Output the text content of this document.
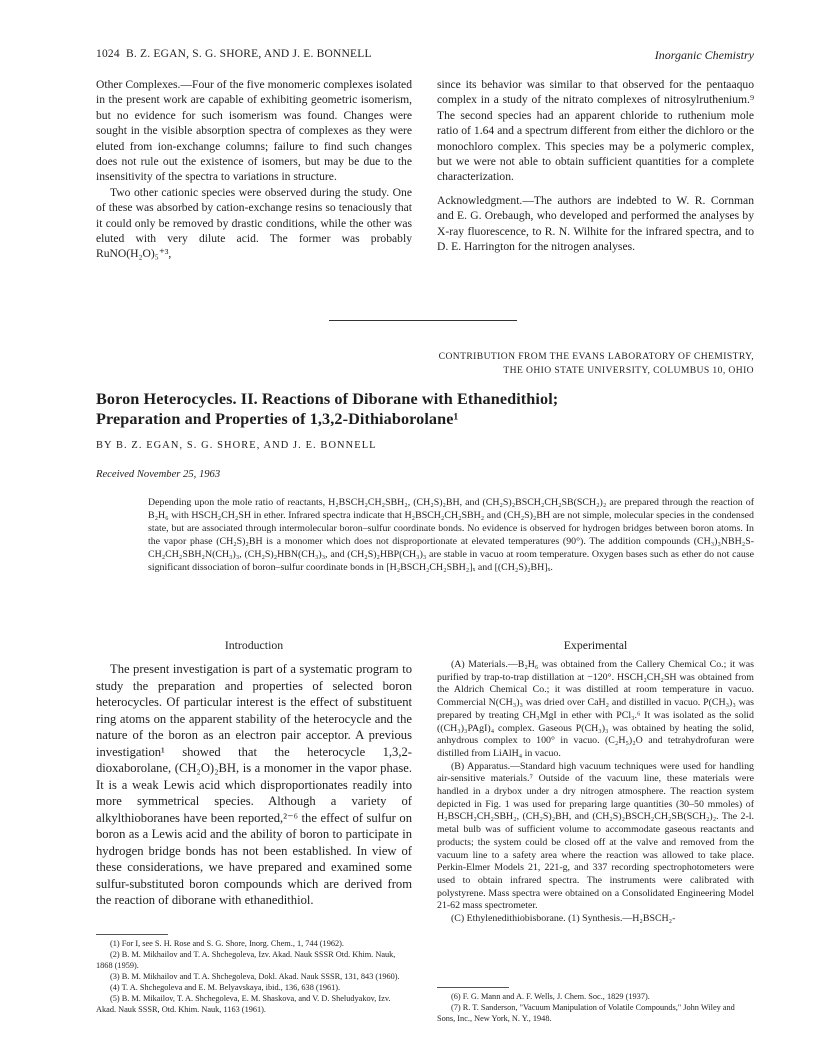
1024 B. Z. EGAN, S. G. SHORE, AND J. E. BONNELL	Inorganic Chemistry

Other Complexes.—Four of the five monomeric complexes isolated in the present work are capable of exhibiting geometric isomerism, but no evidence for such isomerism was found. Changes were sought in the visible absorption spectra of complexes as they were eluted from ion-exchange columns; failure to find such changes does not rule out the existence of isomers, but may be due to the insensitivity of the spectra to variations in structure.

Two other cationic species were observed during the study. One of these was absorbed by cation-exchange resins so tenaciously that it could only be removed by drastic conditions, while the other was eluted with very dilute acid. The former was probably RuNO(H₂O)₅⁺³,

since its behavior was similar to that observed for the pentaaquo complex in a study of the nitrato complexes of nitrosylruthenium.⁹ The second species had an apparent chloride to ruthenium mole ratio of 1.64 and a spectrum different from either the dichloro or the monochloro complex. This species may be a polymeric complex, but we were not able to obtain sufficient quantities for a complete characterization.

Acknowledgment.—The authors are indebted to W. R. Cornman and E. G. Orebaugh, who developed and performed the analyses by X-ray fluorescence, to R. N. Wilhite for the infrared spectra, and to D. E. Harrington for the nitrogen analyses.

CONTRIBUTION FROM THE EVANS LABORATORY OF CHEMISTRY,
THE OHIO STATE UNIVERSITY, COLUMBUS 10, OHIO
Boron Heterocycles. II. Reactions of Diborane with Ethanedithiol;
Preparation and Properties of 1,3,2-Dithiaborolane¹
BY B. Z. EGAN, S. G. SHORE, AND J. E. BONNELL
Received November 25, 1963
Depending upon the mole ratio of reactants, H₂BSCH₂CH₂SBH₂, (CH₂S)₂BH, and (CH₂S)₂BSCH₂CH₂SB(SCH₂)₂ are prepared through the reaction of B₂H₆ with HSCH₂CH₂SH in ether. Infrared spectra indicate that H₂BSCH₂CH₂SBH₂ and (CH₂S)₂BH are not simple, molecular species in the condensed state, but are associated through intermolecular boron–sulfur coordinate bonds. No evidence is observed for hydrogen bridges between boron atoms. In the vapor phase (CH₂S)₂BH is a monomer which does not disproportionate at elevated temperatures (90°). The addition compounds (CH₃)₃NBH₂S-CH₂CH₂SBH₂N(CH₃)₃, (CH₂S)₂HBN(CH₃)₃, and (CH₂S)₂HBP(CH₃)₃ are stable in vacuo at room temperature. Oxygen bases such as ether do not cause significant dissociation of boron–sulfur coordinate bonds in [H₂BSCH₂CH₂SBH₂]ₓ and [(CH₂S)₂BH]ₓ.
Introduction	Experimental
The present investigation is part of a systematic program to study the preparation and properties of selected boron heterocycles. Of particular interest is the effect of substituent ring atoms on the apparent stability of the heterocycle and the nature of the boron as an electron pair acceptor. A previous investigation¹ showed that the heterocycle 1,3,2-dioxaborolane, (CH₂O)₂BH, is a monomer in the vapor phase. It is a weak Lewis acid which disproportionates readily into more symmetrical species. Although a variety of alkylthioboranes have been reported,²⁻⁶ the effect of sulfur on boron as a Lewis acid and the ability of boron to participate in hydrogen bridge bonds has not been established. In view of these considerations, we have prepared and examined some sulfur-substituted boron compounds which are derived from the reaction of diborane with ethanedithiol.

(A) Materials.—B₂H₆ was obtained from the Callery Chemical Co.; it was purified by trap-to-trap distillation at −120°. HSCH₂CH₂SH was obtained from the Aldrich Chemical Co.; it was distilled at room temperature in vacuo. Commercial N(CH₃)₃ was dried over CaH₂ and distilled in vacuo. P(CH₃)₃ was prepared by treating CH₃MgI in ether with PCl₃.⁶ It was isolated as the solid ((CH₃)₃PAgI)₄ complex. Gaseous P(CH₃)₃ was obtained by heating the solid, anhydrous complex to 100° in vacuo. (C₂H₅)₂O and tetrahydrofuran were distilled from LiAlH₄ in vacuo.

(B) Apparatus.—Standard high vacuum techniques were used for handling air-sensitive materials.⁷ Outside of the vacuum line, these materials were handled in a drybox under a dry nitrogen atmosphere. The reaction system depicted in Fig. 1 was used for preparing large quantities (30–50 mmoles) of H₂BSCH₂CH₂SBH₂, (CH₂S)₂BH, and (CH₂S)₂BSCH₂CH₂SB(SCH₂)₂. The 2-l. metal bulb was of sufficient volume to accommodate gaseous reactants and products; the system could be closed off at the valve and removed from the vacuum line to a safety area where the reaction was allowed to take place. Perkin-Elmer Models 21, 221-g, and 337 recording spectrophotometers were used to obtain infrared spectra. The instruments were calibrated with polystyrene. Mass spectra were obtained on a Consolidated Engineering Model 21-62 mass spectrometer.

(C) Ethylenedithiobisborane. (1) Synthesis.—H₂BSCH₂-

(1) For I, see S. H. Rose and S. G. Shore, Inorg. Chem., 1, 744 (1962).

(2) B. M. Mikhailov and T. A. Shchegoleva, Izv. Akad. Nauk SSSR Otd. Khim. Nauk, 1868 (1959).

(3) B. M. Mikhailov and T. A. Shchegoleva, Dokl. Akad. Nauk SSSR, 131, 843 (1960).

(4) T. A. Shchegoleva and E. M. Belyavskaya, ibid., 136, 638 (1961).

(5) B. M. Mikailov, T. A. Shchegoleva, E. M. Shaskova, and V. D. Sheludyakov, Izv. Akad. Nauk SSSR, Otd. Khim. Nauk, 1163 (1961).

(6) F. G. Mann and A. F. Wells, J. Chem. Soc., 1829 (1937).

(7) R. T. Sanderson, "Vacuum Manipulation of Volatile Compounds," John Wiley and Sons, Inc., New York, N. Y., 1948.
